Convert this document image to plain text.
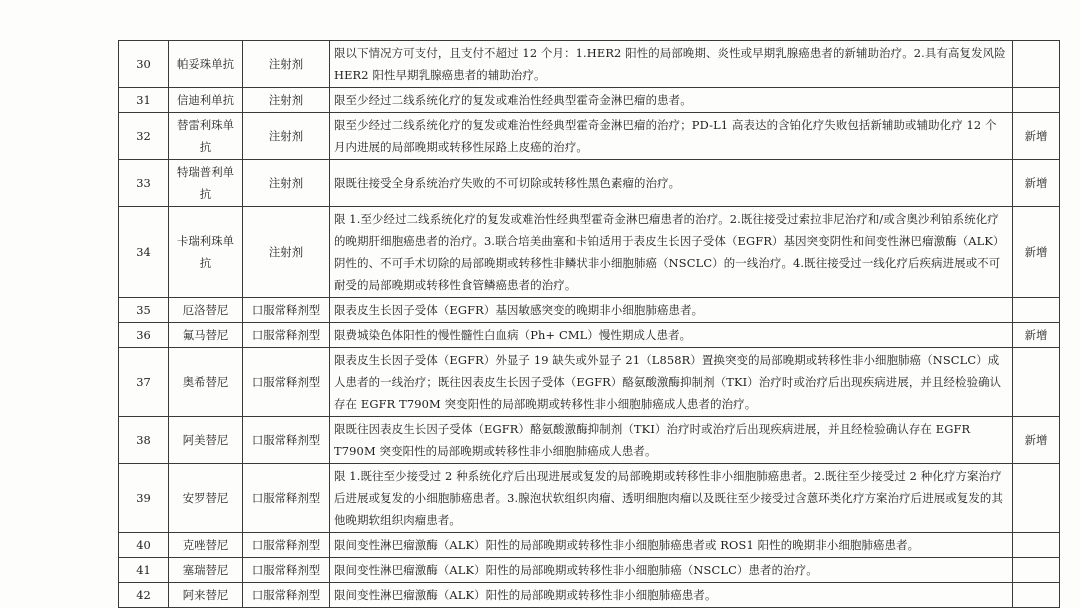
30	帕妥珠单抗	注射剂	限以下情况方可支付，且支付不超过 12 个月：1.HER2 阳性的局部晚期、炎性或早期乳腺癌患者的新辅助治疗。2.具有高复发风险 HER2 阳性早期乳腺癌患者的辅助治疗。	
31	信迪利单抗	注射剂	限至少经过二线系统化疗的复发或难治性经典型霍奇金淋巴瘤的患者。	
32	替雷利珠单抗	注射剂	限至少经过二线系统化疗的复发或难治性经典型霍奇金淋巴瘤的治疗；PD-L1 高表达的含铂化疗失败包括新辅助或辅助化疗 12 个月内进展的局部晚期或转移性尿路上皮癌的治疗。	新增
33	特瑞普利单抗	注射剂	限既往接受全身系统治疗失败的不可切除或转移性黑色素瘤的治疗。	新增
34	卡瑞利珠单抗	注射剂	限 1.至少经过二线系统化疗的复发或难治性经典型霍奇金淋巴瘤患者的治疗。2.既往接受过索拉非尼治疗和/或含奥沙利铂系统化疗的晚期肝细胞癌患者的治疗。3.联合培美曲塞和卡铂适用于表皮生长因子受体（EGFR）基因突变阴性和间变性淋巴瘤激酶（ALK）阴性的、不可手术切除的局部晚期或转移性非鳞状非小细胞肺癌（NSCLC）的一线治疗。4.既往接受过一线化疗后疾病进展或不可耐受的局部晚期或转移性食管鳞癌患者的治疗。	新增
35	厄洛替尼	口服常释剂型	限表皮生长因子受体（EGFR）基因敏感突变的晚期非小细胞肺癌患者。	
36	氟马替尼	口服常释剂型	限费城染色体阳性的慢性髓性白血病（Ph+ CML）慢性期成人患者。	新增
37	奥希替尼	口服常释剂型	限表皮生长因子受体（EGFR）外显子 19 缺失或外显子 21（L858R）置换突变的局部晚期或转移性非小细胞肺癌（NSCLC）成人患者的一线治疗；既往因表皮生长因子受体（EGFR）酪氨酸激酶抑制剂（TKI）治疗时或治疗后出现疾病进展，并且经检验确认存在 EGFR T790M 突变阳性的局部晚期或转移性非小细胞肺癌成人患者的治疗。	
38	阿美替尼	口服常释剂型	限既往因表皮生长因子受体（EGFR）酪氨酸激酶抑制剂（TKI）治疗时或治疗后出现疾病进展，并且经检验确认存在 EGFR T790M 突变阳性的局部晚期或转移性非小细胞肺癌成人患者。	新增
39	安罗替尼	口服常释剂型	限 1.既往至少接受过 2 种系统化疗后出现进展或复发的局部晚期或转移性非小细胞肺癌患者。2.既往至少接受过 2 种化疗方案治疗后进展或复发的小细胞肺癌患者。3.腺泡状软组织肉瘤、透明细胞肉瘤以及既往至少接受过含蒽环类化疗方案治疗后进展或复发的其他晚期软组织肉瘤患者。	
40	克唑替尼	口服常释剂型	限间变性淋巴瘤激酶（ALK）阳性的局部晚期或转移性非小细胞肺癌患者或 ROS1 阳性的晚期非小细胞肺癌患者。	
41	塞瑞替尼	口服常释剂型	限间变性淋巴瘤激酶（ALK）阳性的局部晚期或转移性非小细胞肺癌（NSCLC）患者的治疗。	
42	阿来替尼	口服常释剂型	限间变性淋巴瘤激酶（ALK）阳性的局部晚期或转移性非小细胞肺癌患者。	
